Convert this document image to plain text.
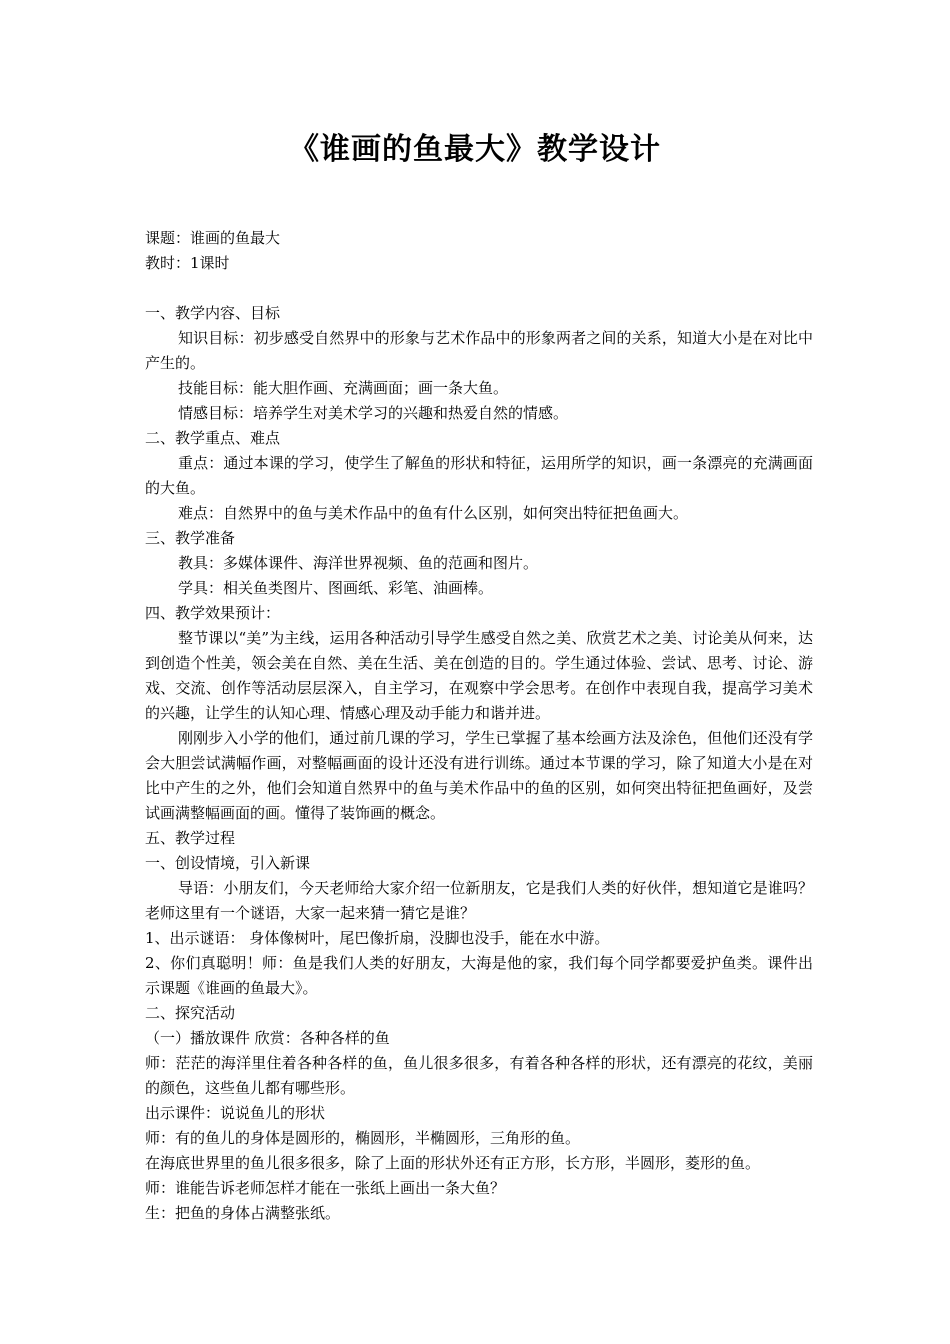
《谁画的鱼最大》教学设计
课题：谁画的鱼最大
教时：1课时
一、教学内容、目标
知识目标：初步感受自然界中的形象与艺术作品中的形象两者之间的关系，知道大小是在对比中产生的。
技能目标：能大胆作画、充满画面；画一条大鱼。
情感目标：培养学生对美术学习的兴趣和热爱自然的情感。
二、教学重点、难点
重点：通过本课的学习，使学生了解鱼的形状和特征，运用所学的知识，画一条漂亮的充满画面的大鱼。
难点：自然界中的鱼与美术作品中的鱼有什么区别，如何突出特征把鱼画大。
三、教学准备
教具：多媒体课件、海洋世界视频、鱼的范画和图片。
学具：相关鱼类图片、图画纸、彩笔、油画棒。
四、教学效果预计：
整节课以“美”为主线，运用各种活动引导学生感受自然之美、欣赏艺术之美、讨论美从何来，达到创造个性美，领会美在自然、美在生活、美在创造的目的。学生通过体验、尝试、思考、讨论、游戏、交流、创作等活动层层深入，自主学习，在观察中学会思考。在创作中表现自我，提高学习美术的兴趣，让学生的认知心理、情感心理及动手能力和谐并进。
刚刚步入小学的他们，通过前几课的学习，学生已掌握了基本绘画方法及涂色，但他们还没有学会大胆尝试满幅作画，对整幅画面的设计还没有进行训练。通过本节课的学习，除了知道大小是在对比中产生的之外，他们会知道自然界中的鱼与美术作品中的鱼的区别，如何突出特征把鱼画好，及尝试画满整幅画面的画。懂得了装饰画的概念。
五、教学过程
一、创设情境，引入新课
导语：小朋友们，今天老师给大家介绍一位新朋友，它是我们人类的好伙伴，想知道它是谁吗？老师这里有一个谜语，大家一起来猜一猜它是谁？
1、出示谜语： 身体像树叶，尾巴像折扇，没脚也没手，能在水中游。
2、你们真聪明！师：鱼是我们人类的好朋友，大海是他的家，我们每个同学都要爱护鱼类。课件出示课题《谁画的鱼最大》。
二、探究活动
（一）播放课件 欣赏：各种各样的鱼
师：茫茫的海洋里住着各种各样的鱼，鱼儿很多很多，有着各种各样的形状，还有漂亮的花纹，美丽的颜色，这些鱼儿都有哪些形。
出示课件：说说鱼儿的形状
师：有的鱼儿的身体是圆形的，椭圆形，半椭圆形，三角形的鱼。
在海底世界里的鱼儿很多很多，除了上面的形状外还有正方形，长方形，半圆形，菱形的鱼。
师：谁能告诉老师怎样才能在一张纸上画出一条大鱼？
生：把鱼的身体占满整张纸。
